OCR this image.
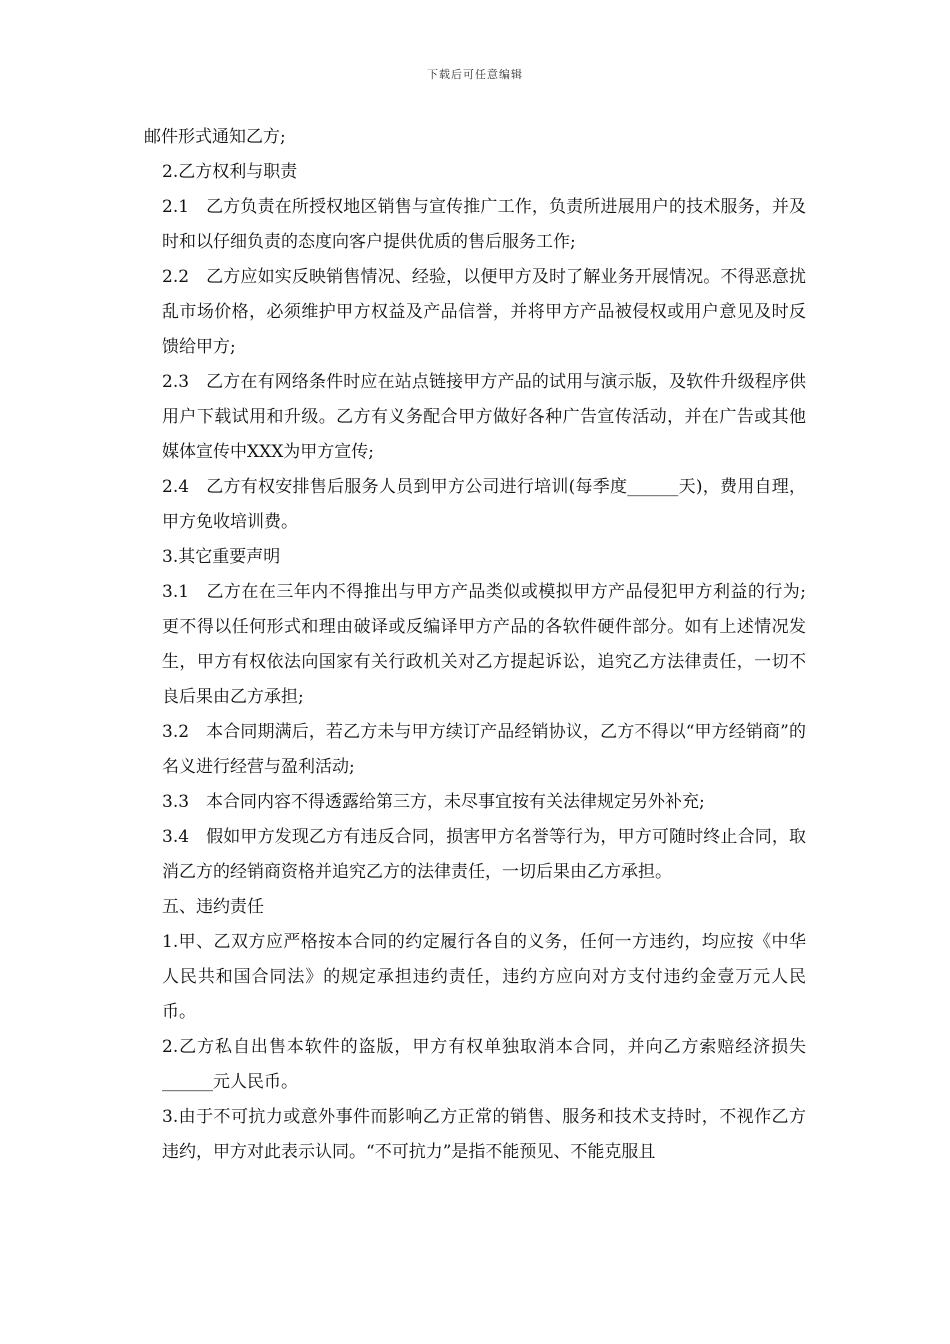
下载后可任意编辑

邮件形式通知乙方;

2.乙方权利与职责

2.1 乙方负责在所授权地区销售与宣传推广工作，负责所进展用户的技术服务，并及时和以仔细负责的态度向客户提供优质的售后服务工作;

2.2 乙方应如实反映销售情况、经验，以便甲方及时了解业务开展情况。不得恶意扰乱市场价格，必须维护甲方权益及产品信誉，并将甲方产品被侵权或用户意见及时反馈给甲方;

2.3 乙方在有网络条件时应在站点链接甲方产品的试用与演示版，及软件升级程序供用户下载试用和升级。乙方有义务配合甲方做好各种广告宣传活动，并在广告或其他媒体宣传中XXX为甲方宣传;

2.4 乙方有权安排售后服务人员到甲方公司进行培训(每季度______天)，费用自理，甲方免收培训费。

3.其它重要声明

3.1 乙方在在三年内不得推出与甲方产品类似或模拟甲方产品侵犯甲方利益的行为;更不得以任何形式和理由破译或反编译甲方产品的各软件硬件部分。如有上述情况发生，甲方有权依法向国家有关行政机关对乙方提起诉讼，追究乙方法律责任，一切不良后果由乙方承担;

3.2 本合同期满后，若乙方未与甲方续订产品经销协议，乙方不得以“甲方经销商”的名义进行经营与盈利活动;

3.3 本合同内容不得透露给第三方，未尽事宜按有关法律规定另外补充;

3.4 假如甲方发现乙方有违反合同，损害甲方名誉等行为，甲方可随时终止合同，取消乙方的经销商资格并追究乙方的法律责任，一切后果由乙方承担。

五、违约责任

1.甲、乙双方应严格按本合同的约定履行各自的义务，任何一方违约，均应按《中华人民共和国合同法》的规定承担违约责任，违约方应向对方支付违约金壹万元人民币。

2.乙方私自出售本软件的盗版，甲方有权单独取消本合同，并向乙方索赔经济损失______元人民币。

3.由于不可抗力或意外事件而影响乙方正常的销售、服务和技术支持时，不视作乙方违约，甲方对此表示认同。“不可抗力”是指不能预见、不能克服且
